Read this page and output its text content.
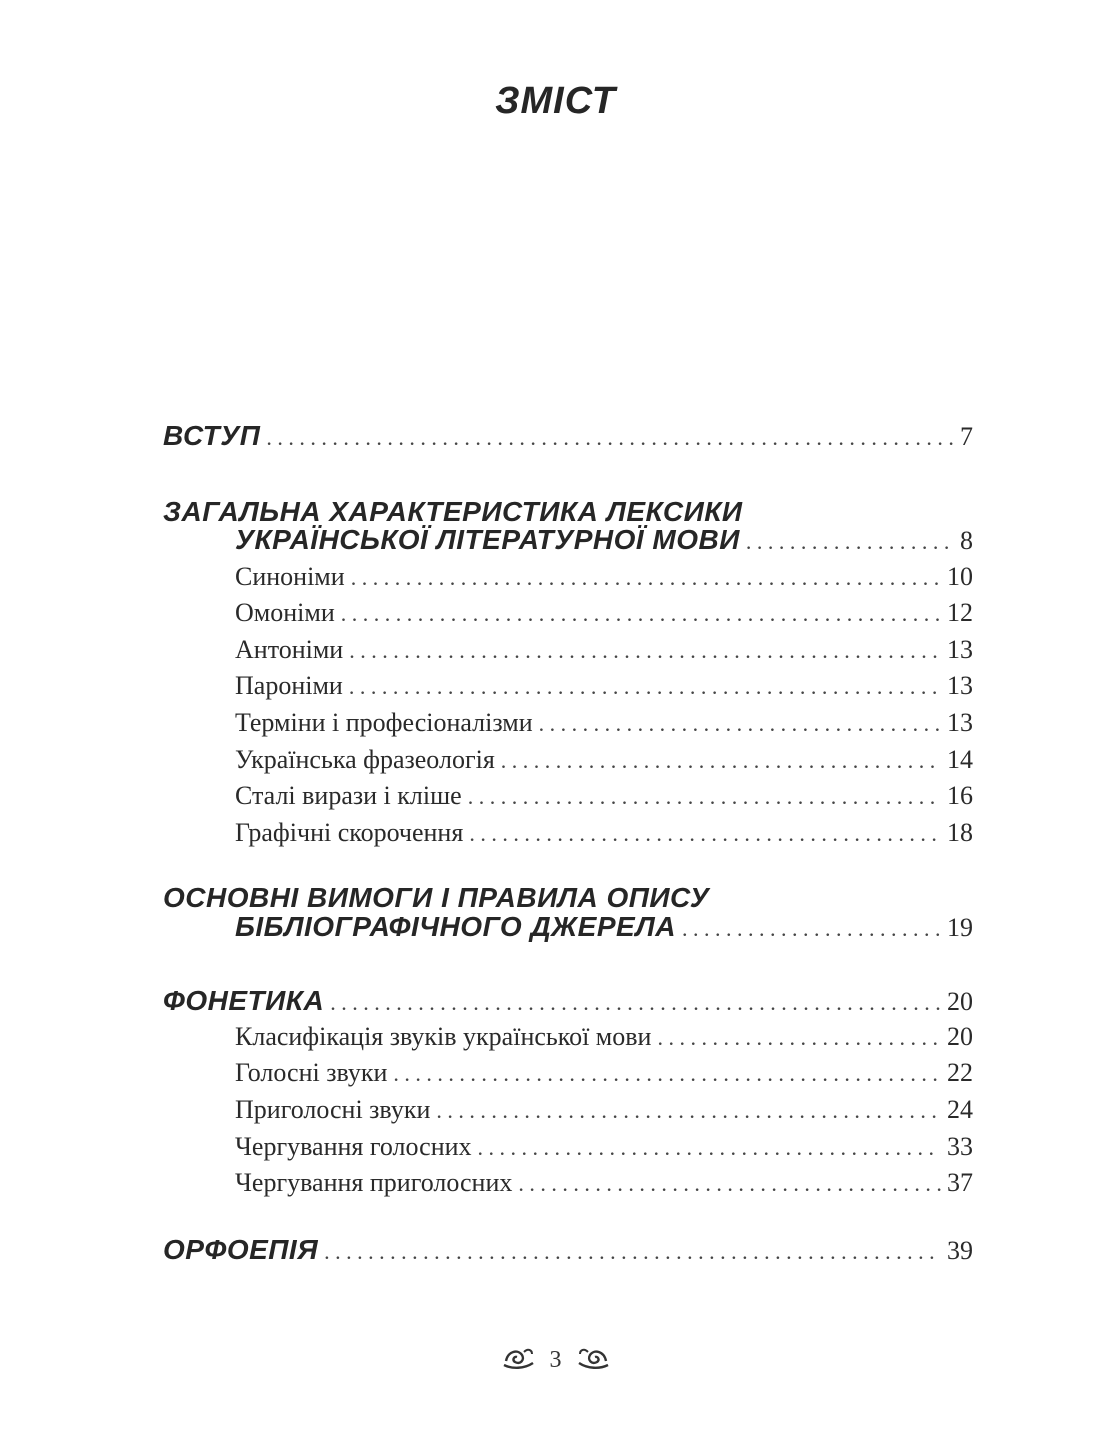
ЗМІСТ
ВСТУП . . .	7
ЗАГАЛЬНА ХАРАКТЕРИСТИКА ЛЕКСИКИ
УКРАЇНСЬКОЇ ЛІТЕРАТУРНОЇ МОВИ . . .	8
Синоніми . . .	10
Омоніми . . .	12
Антоніми . . .	13
Пароніми . . .	13
Терміни і професіоналізми . . .	13
Українська фразеологія . . .	14
Сталі вирази і кліше . . .	16
Графічні скорочення . . .	18
ОСНОВНІ ВИМОГИ І ПРАВИЛА ОПИСУ
БІБЛІОГРАФІЧНОГО ДЖЕРЕЛА . . .	19
ФОНЕТИКА . . .	20
Класифікація звуків української мови . . .	20
Голосні звуки . . .	22
Приголосні звуки . . .	24
Чергування голосних . . .	33
Чергування приголосних . . .	37
ОРФОЕПІЯ . . .	39
3
